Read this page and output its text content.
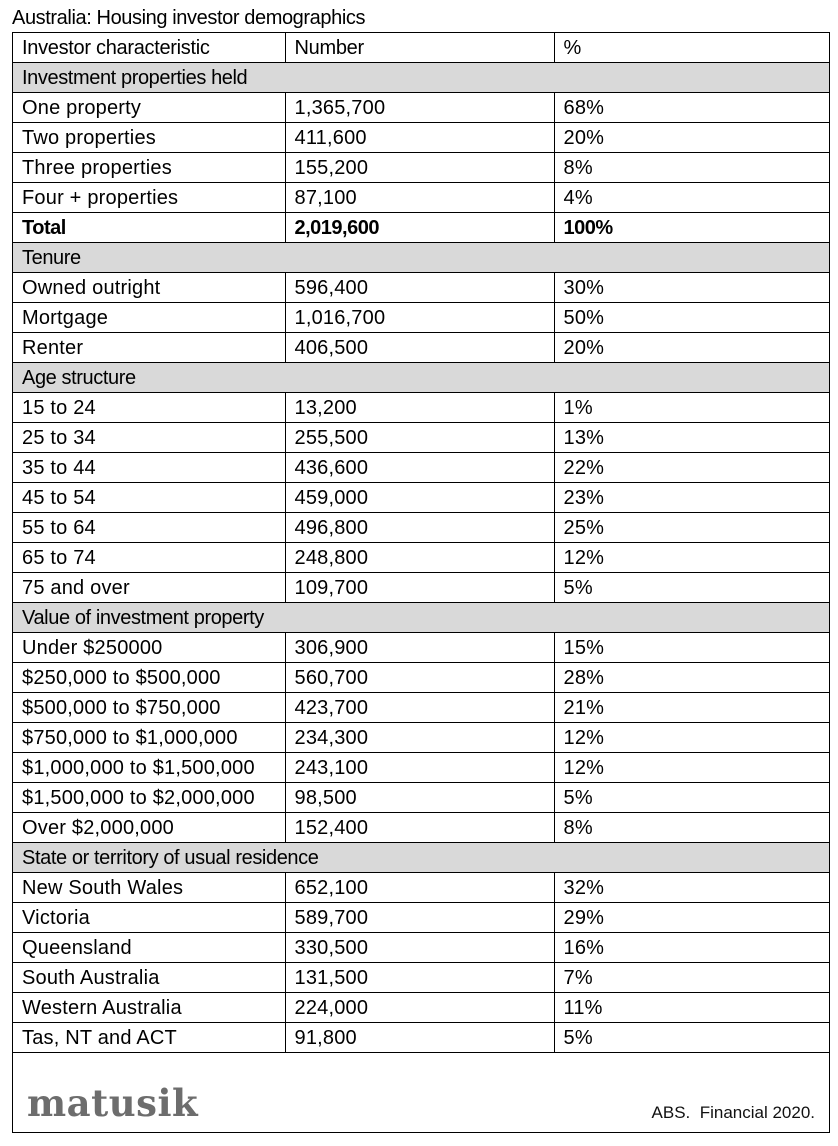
Australia: Housing investor demographics
Investor characteristic	Number	%
Investment properties held		
One property	1,365,700	68%
Two properties	411,600	20%
Three properties	155,200	8%
Four + properties	87,100	4%
Total	2,019,600	100%
Tenure		
Owned outright	596,400	30%
Mortgage	1,016,700	50%
Renter	406,500	20%
Age structure		
15 to 24	13,200	1%
25 to 34	255,500	13%
35 to 44	436,600	22%
45 to 54	459,000	23%
55 to 64	496,800	25%
65 to 74	248,800	12%
75 and over	109,700	5%
Value of investment property		
Under $250000	306,900	15%
$250,000 to $500,000	560,700	28%
$500,000 to $750,000	423,700	21%
$750,000 to $1,000,000	234,300	12%
$1,000,000 to $1,500,000	243,100	12%
$1,500,000 to $2,000,000	98,500	5%
Over $2,000,000	152,400	8%
State or territory of usual residence		
New South Wales	652,100	32%
Victoria	589,700	29%
Queensland	330,500	16%
South Australia	131,500	7%
Western Australia	224,000	11%
Tas, NT and ACT	91,800	5%
matusik	ABS.  Financial 2020.
